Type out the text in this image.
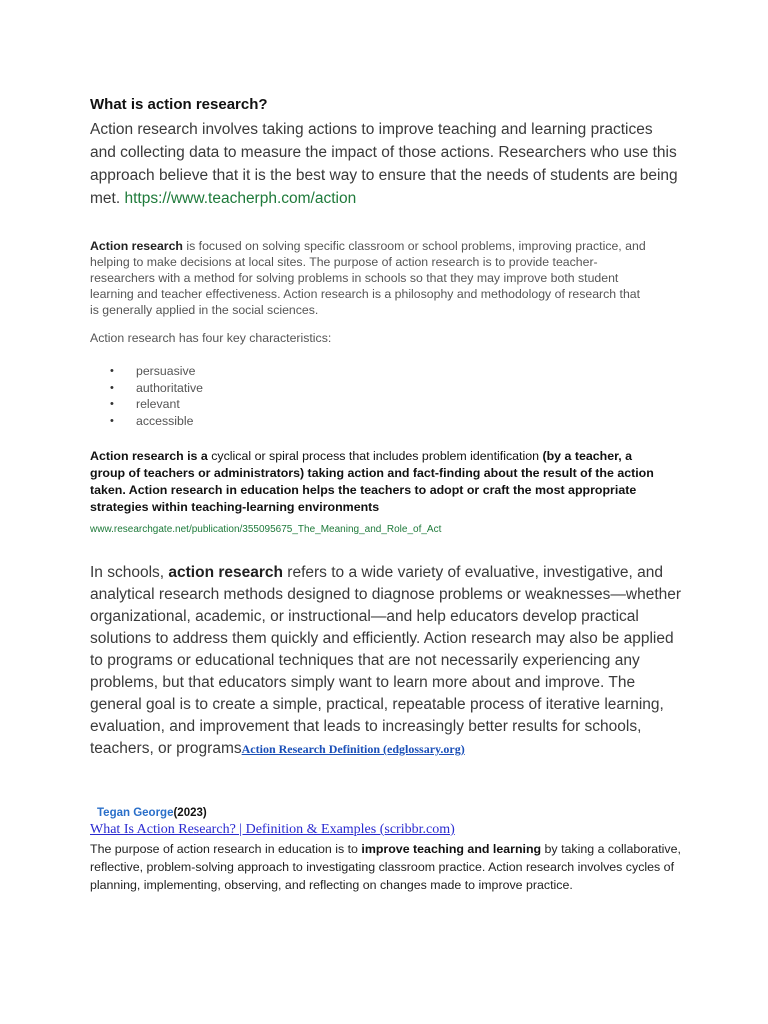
What is action research?
Action research involves taking actions to improve teaching and learning practices and collecting data to measure the impact of those actions. Researchers who use this approach believe that it is the best way to ensure that the needs of students are being met. https://www.teacherph.com/action
Action research is focused on solving specific classroom or school problems, improving practice, and helping to make decisions at local sites. The purpose of action research is to provide teacher-researchers with a method for solving problems in schools so that they may improve both student learning and teacher effectiveness. Action research is a philosophy and methodology of research that is generally applied in the social sciences.
Action research has four key characteristics:
• persuasive
• authoritative
• relevant
• accessible
Action research is a cyclical or spiral process that includes problem identification (by a teacher, a group of teachers or administrators) taking action and fact-finding about the result of the action taken. Action research in education helps the teachers to adopt or craft the most appropriate strategies within teaching-learning environments
www.researchgate.net/publication/355095675_The_Meaning_and_Role_of_Act
In schools, action research refers to a wide variety of evaluative, investigative, and analytical research methods designed to diagnose problems or weaknesses—whether organizational, academic, or instructional—and help educators develop practical solutions to address them quickly and efficiently. Action research may also be applied to programs or educational techniques that are not necessarily experiencing any problems, but that educators simply want to learn more about and improve. The general goal is to create a simple, practical, repeatable process of iterative learning, evaluation, and improvement that leads to increasingly better results for schools, teachers, or programsAction Research Definition (edglossary.org)
Tegan George(2023)
What Is Action Research? | Definition & Examples (scribbr.com)
The purpose of action research in education is to improve teaching and learning by taking a collaborative, reflective, problem-solving approach to investigating classroom practice. Action research involves cycles of planning, implementing, observing, and reflecting on changes made to improve practice.
